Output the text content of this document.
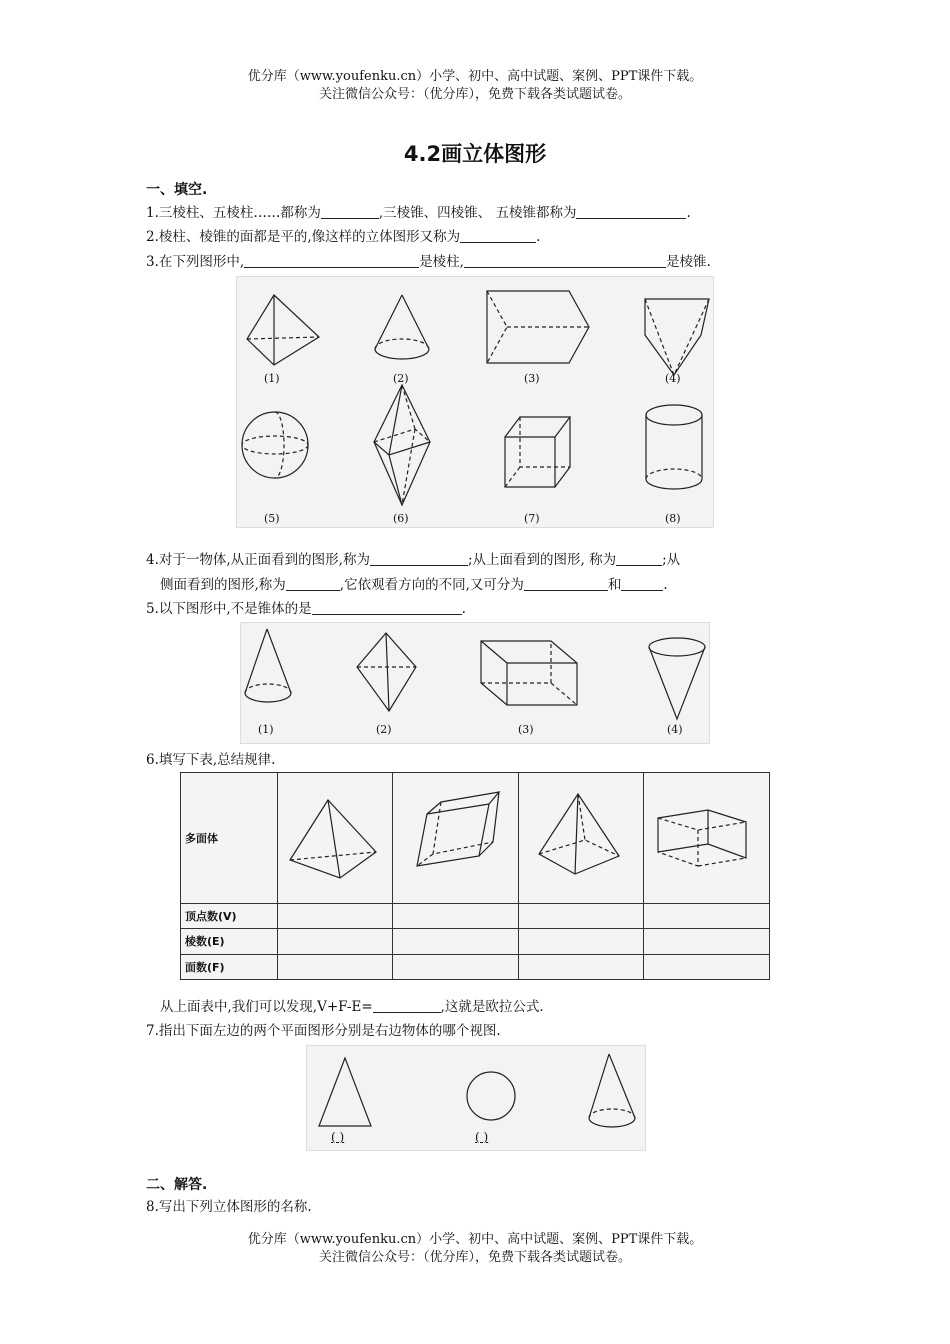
优分库（www.youfenku.cn）小学、初中、高中试题、案例、PPT课件下载。
关注微信公众号：（优分库），免费下载各类试题试卷。
4.2画立体图形
一、填空.
1.三棱柱、五棱柱……都称为	,三棱锥、四棱锥、 五棱锥都称为	.
2.棱柱、棱锥的面都是平的,像这样的立体图形又称为	.
3.在下列图形中,	是棱柱,	是棱锥.
(1)	(2)	(3)	(4)
(5)	(6)	(7)	(8)
4.对于一物体,从正面看到的图形,称为	;从上面看到的图形, 称为	;从
侧面看到的图形,称为	,它依观看方向的不同,又可分为	和	.
5.以下图形中,不是锥体的是	.
(1)	(2)	(3)	(4)
6.填写下表,总结规律.
多面体				
顶点数(V)				
棱数(E)				
面数(F)				
从上面表中,我们可以发现,V+F-E=	,这就是欧拉公式.
7.指出下面左边的两个平面图形分别是右边物体的哪个视图.
( )	( )
二、解答.
8.写出下列立体图形的名称.
优分库（www.youfenku.cn）小学、初中、高中试题、案例、PPT课件下载。
关注微信公众号：（优分库），免费下载各类试题试卷。
